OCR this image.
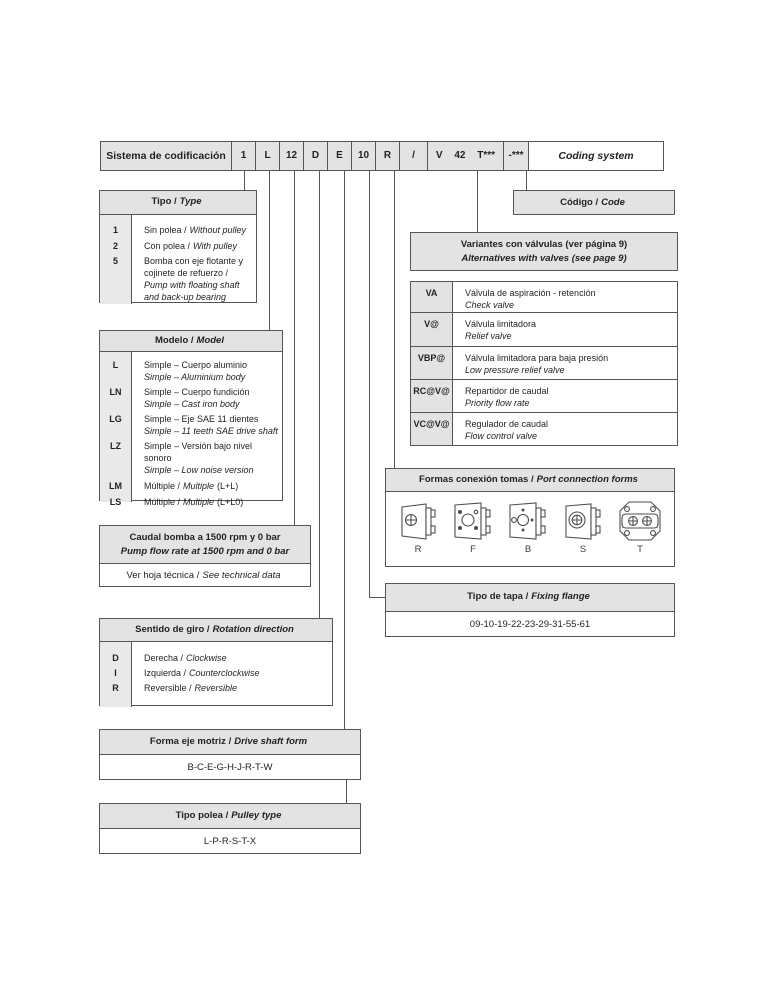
Sistema de codificación	1	L	12	D	E	10	R	/	V 42 T***	-***	Coding system
Tipo / Type
1	Sin polea / Without pulley
2	Con polea / With pulley
5	Bomba con eje flotante y cojinete de refuerzo /
Pump with floating shaft and back-up bearing
Modelo / Model
L	Simple – Cuerpo aluminio
Simple – Aluminium body
LN	Simple – Cuerpo fundición
Simple – Cast iron body
LG	Simple – Eje SAE 11 dientes
Simple – 11 teeth SAE drive shaft
LZ	Simple – Versión bajo nivel sonoro
Simple – Low noise version
LM	Múltiple / Multiple (L+L)
LS	Múltiple / Multiple (L+L0)
Caudal bomba a 1500 rpm y 0 bar
Pump flow rate at 1500 rpm and 0 bar
Ver hoja técnica / See technical data
Sentido de giro / Rotation direction
D	Derecha / Clockwise
I	Izquierda / Counterclockwise
R	Reversible / Reversible
Forma eje motriz / Drive shaft form
B-C-E-G-H-J-R-T-W
Tipo polea / Pulley type
L-P-R-S-T-X
Código / Code
Variantes con válvulas (ver página 9)
Alternatives with valves (see page 9)
VA	Válvula de aspiración - retención
Check valve
V@	Válvula limitadora
Relief valve
VBP@	Válvula limitadora para baja presión
Low pressure relief valve
RC@V@	Repartidor de caudal
Priority flow rate
VC@V@	Regulador de caudal
Flow control valve
Formas conexión tomas / Port connection forms
R	F	B	S	T
Tipo de tapa / Fixing flange
09-10-19-22-23-29-31-55-61
